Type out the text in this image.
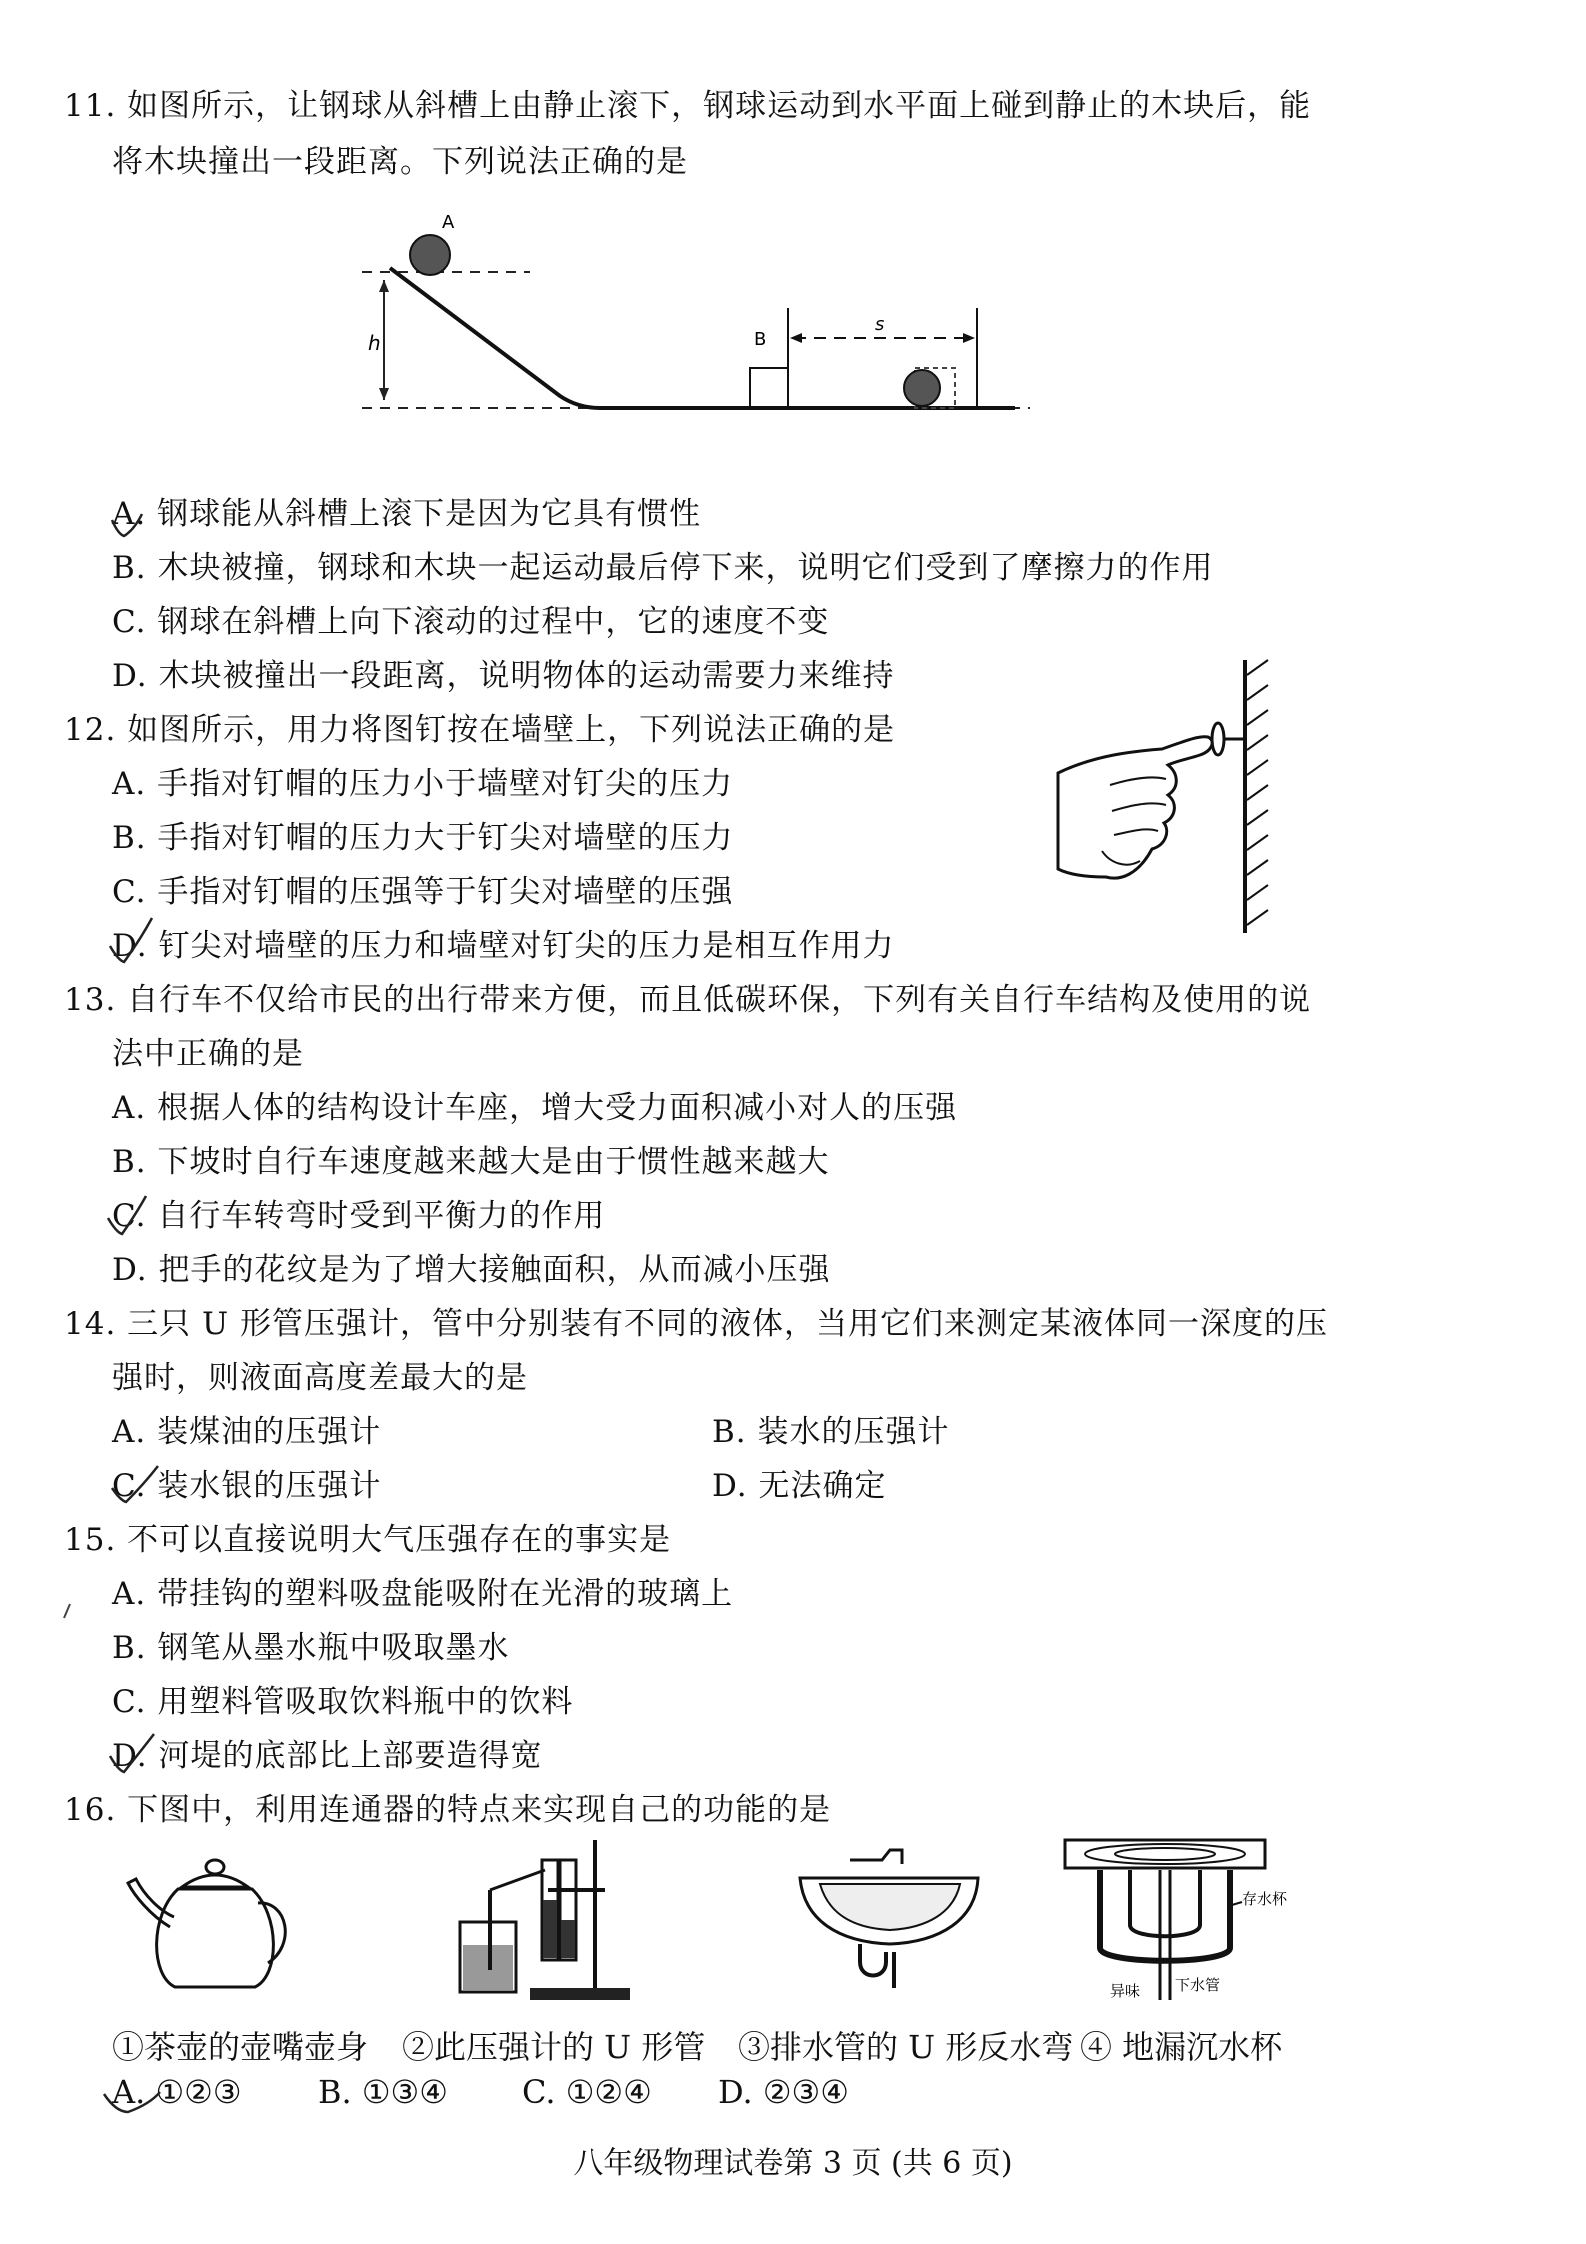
11. 如图所示，让钢球从斜槽上由静止滚下，钢球运动到水平面上碰到静止的木块后，能
将木块撞出一段距离。下列说法正确的是
h
A
B
s
A. 钢球能从斜槽上滚下是因为它具有惯性
B. 木块被撞，钢球和木块一起运动最后停下来，说明它们受到了摩擦力的作用
C. 钢球在斜槽上向下滚动的过程中，它的速度不变
D. 木块被撞出一段距离，说明物体的运动需要力来维持
12. 如图所示，用力将图钉按在墙壁上，下列说法正确的是
A. 手指对钉帽的压力小于墙壁对钉尖的压力
B. 手指对钉帽的压力大于钉尖对墙壁的压力
C. 手指对钉帽的压强等于钉尖对墙壁的压强
D. 钉尖对墙壁的压力和墙壁对钉尖的压力是相互作用力
13. 自行车不仅给市民的出行带来方便，而且低碳环保，下列有关自行车结构及使用的说
法中正确的是
A. 根据人体的结构设计车座，增大受力面积减小对人的压强
B. 下坡时自行车速度越来越大是由于惯性越来越大
C. 自行车转弯时受到平衡力的作用
D. 把手的花纹是为了增大接触面积，从而减小压强
14. 三只 U 形管压强计，管中分别装有不同的液体，当用它们来测定某液体同一深度的压
强时，则液面高度差最大的是
A. 装煤油的压强计	B. 装水的压强计
C. 装水银的压强计	D. 无法确定
15. 不可以直接说明大气压强存在的事实是
A. 带挂钩的塑料吸盘能吸附在光滑的玻璃上
B. 钢笔从墨水瓶中吸取墨水
C. 用塑料管吸取饮料瓶中的饮料
D. 河堤的底部比上部要造得宽
16. 下图中，利用连通器的特点来实现自己的功能的是
存水杯
异味 下水管
①茶壶的壶嘴壶身 ②此压强计的 U 形管 ③排水管的 U 形反水弯 ④ 地漏沉水杯
A. ①②③ B. ①③④ C. ①②④ D. ②③④
八年级物理试卷第 3 页 (共 6 页)
